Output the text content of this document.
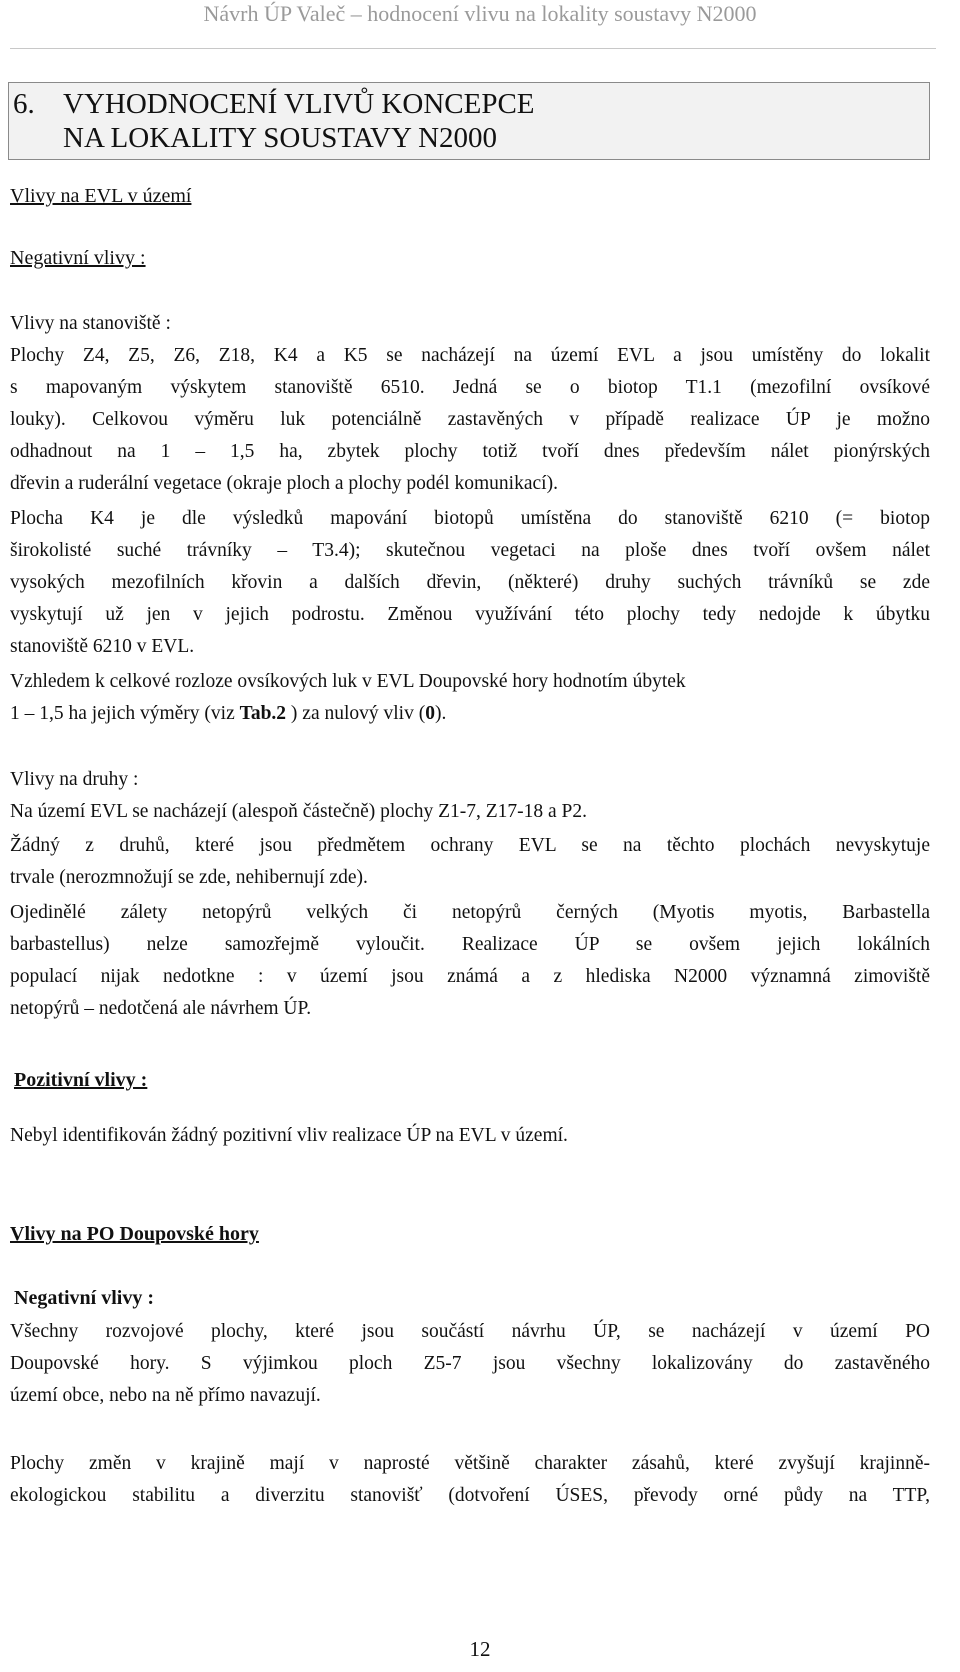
Návrh ÚP Valeč – hodnocení vlivu na lokality soustavy N2000
6. VYHODNOCENÍ VLIVŮ KONCEPCE
NA LOKALITY SOUSTAVY N2000
Vlivy na EVL v území
Negativní vlivy :
Vlivy na stanoviště :
Plochy Z4, Z5, Z6, Z18, K4 a K5 se nacházejí na území EVL a jsou umístěny do lokalit
s mapovaným výskytem stanoviště 6510. Jedná se o biotop T1.1 (mezofilní ovsíkové
louky). Celkovou výměru luk potenciálně zastavěných v případě realizace ÚP je možno
odhadnout na 1 – 1,5 ha, zbytek plochy totiž tvoří dnes především nálet pionýrských
dřevin a ruderální vegetace (okraje ploch a plochy podél komunikací).
Plocha K4 je dle výsledků mapování biotopů umístěna do stanoviště 6210 (= biotop
širokolisté suché trávníky – T3.4); skutečnou vegetaci na ploše dnes tvoří ovšem nálet
vysokých mezofilních křovin a dalších dřevin, (některé) druhy suchých trávníků se zde
vyskytují už jen v jejich podrostu. Změnou využívání této plochy tedy nedojde k úbytku
stanoviště 6210 v EVL.
Vzhledem k celkové rozloze ovsíkových luk v EVL Doupovské hory hodnotím úbytek
1 – 1,5 ha jejich výměry (viz Tab.2 ) za nulový vliv (0).
Vlivy na druhy :
Na území EVL se nacházejí (alespoň částečně) plochy Z1-7, Z17-18 a P2.
Žádný z druhů, které jsou předmětem ochrany EVL se na těchto plochách nevyskytuje
trvale (nerozmnožují se zde, nehibernují zde).
Ojedinělé zálety netopýrů velkých či netopýrů černých (Myotis myotis, Barbastella
barbastellus) nelze samozřejmě vyloučit. Realizace ÚP se ovšem jejich lokálních
populací nijak nedotkne : v území jsou známá a z hlediska N2000 významná zimoviště
netopýrů – nedotčená ale návrhem ÚP.
Pozitivní vlivy :
Nebyl identifikován žádný pozitivní vliv realizace ÚP na EVL v území.
Vlivy na PO Doupovské hory
Negativní vlivy :
Všechny rozvojové plochy, které jsou součástí návrhu ÚP, se nacházejí v území PO
Doupovské hory. S výjimkou ploch Z5-7 jsou všechny lokalizovány do zastavěného
území obce, nebo na ně přímo navazují.
Plochy změn v krajině mají v naprosté většině charakter zásahů, které zvyšují krajinně-
ekologickou stabilitu a diverzitu stanovišť (dotvoření ÚSES, převody orné půdy na TTP,
12
